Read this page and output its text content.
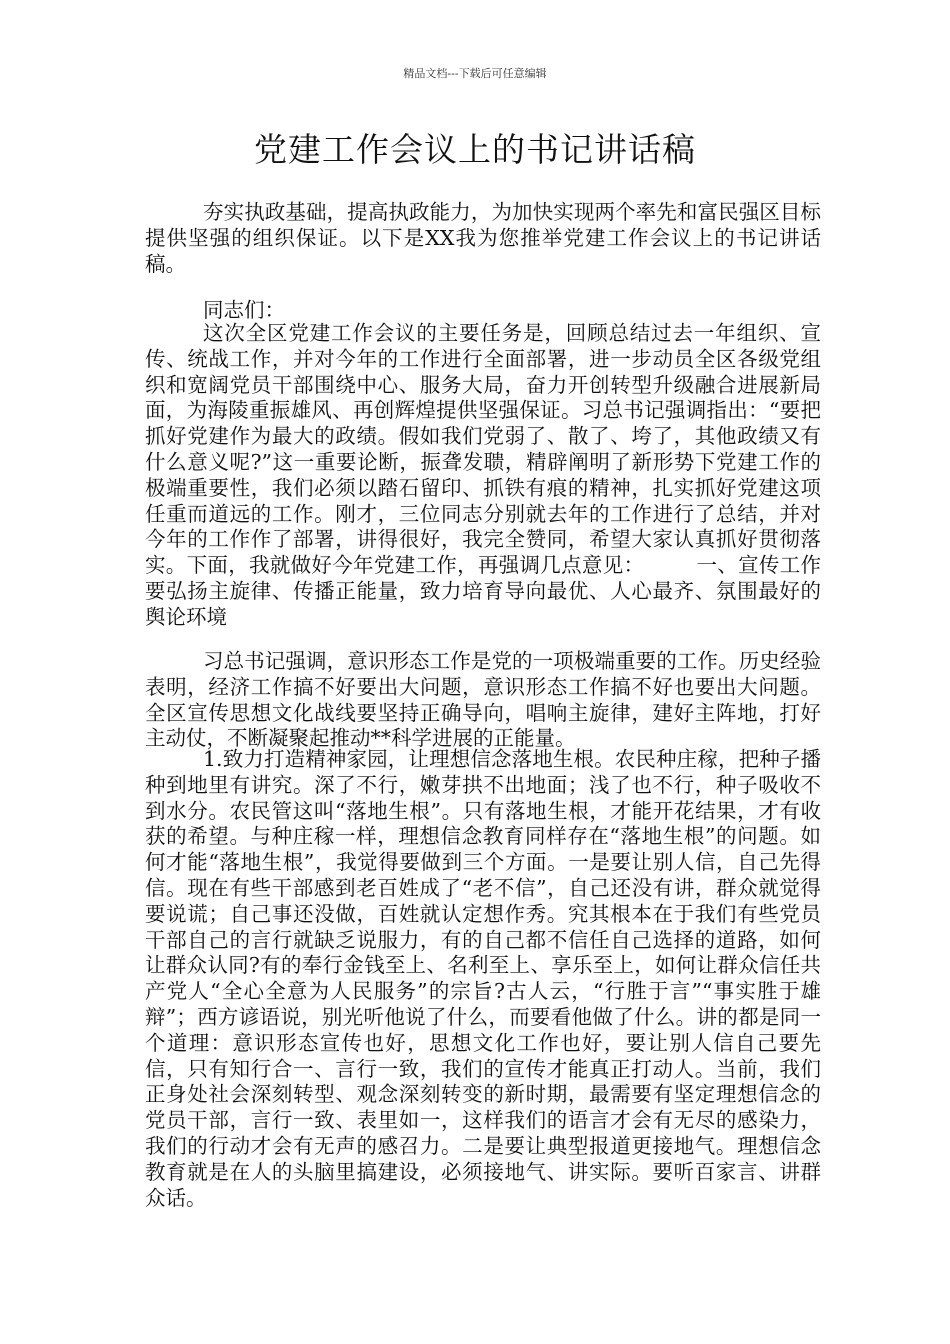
精品文档---下载后可任意编辑
党建工作会议上的书记讲话稿

夯实执政基础，提高执政能力，为加快实现两个率先和富民强区目标提供坚强的组织保证。以下是XX我为您推举党建工作会议上的书记讲话稿。

同志们：

这次全区党建工作会议的主要任务是，回顾总结过去一年组织、宣传、统战工作，并对今年的工作进行全面部署，进一步动员全区各级党组织和宽阔党员干部围绕中心、服务大局，奋力开创转型升级融合进展新局面，为海陵重振雄风、再创辉煌提供坚强保证。习总书记强调指出：“要把抓好党建作为最大的政绩。假如我们党弱了、散了、垮了，其他政绩又有什么意义呢?”这一重要论断，振聋发聩，精辟阐明了新形势下党建工作的极端重要性，我们必须以踏石留印、抓铁有痕的精神，扎实抓好党建这项任重而道远的工作。刚才，三位同志分别就去年的工作进行了总结，并对今年的工作作了部署，讲得很好，我完全赞同，希望大家认真抓好贯彻落实。下面，我就做好今年党建工作，再强调几点意见：　　　一、宣传工作要弘扬主旋律、传播正能量，致力培育导向最优、人心最齐、氛围最好的舆论环境

习总书记强调，意识形态工作是党的一项极端重要的工作。历史经验表明，经济工作搞不好要出大问题，意识形态工作搞不好也要出大问题。全区宣传思想文化战线要坚持正确导向，唱响主旋律，建好主阵地，打好主动仗，不断凝聚起推动**科学进展的正能量。

1.致力打造精神家园，让理想信念落地生根。农民种庄稼，把种子播种到地里有讲究。深了不行，嫩芽拱不出地面；浅了也不行，种子吸收不到水分。农民管这叫“落地生根”。只有落地生根，才能开花结果，才有收获的希望。与种庄稼一样，理想信念教育同样存在“落地生根”的问题。如何才能“落地生根”，我觉得要做到三个方面。一是要让别人信，自己先得信。现在有些干部感到老百姓成了“老不信”，自己还没有讲，群众就觉得要说谎；自己事还没做，百姓就认定想作秀。究其根本在于我们有些党员干部自己的言行就缺乏说服力，有的自己都不信任自己选择的道路，如何让群众认同?有的奉行金钱至上、名利至上、享乐至上，如何让群众信任共产党人“全心全意为人民服务”的宗旨?古人云，“行胜于言”“事实胜于雄辩”；西方谚语说，别光听他说了什么，而要看他做了什么。讲的都是同一个道理：意识形态宣传也好，思想文化工作也好，要让别人信自己要先信，只有知行合一、言行一致，我们的宣传才能真正打动人。当前，我们正身处社会深刻转型、观念深刻转变的新时期，最需要有坚定理想信念的党员干部，言行一致、表里如一，这样我们的语言才会有无尽的感染力，我们的行动才会有无声的感召力。二是要让典型报道更接地气。理想信念教育就是在人的头脑里搞建设，必须接地气、讲实际。要听百家言、讲群众话。
